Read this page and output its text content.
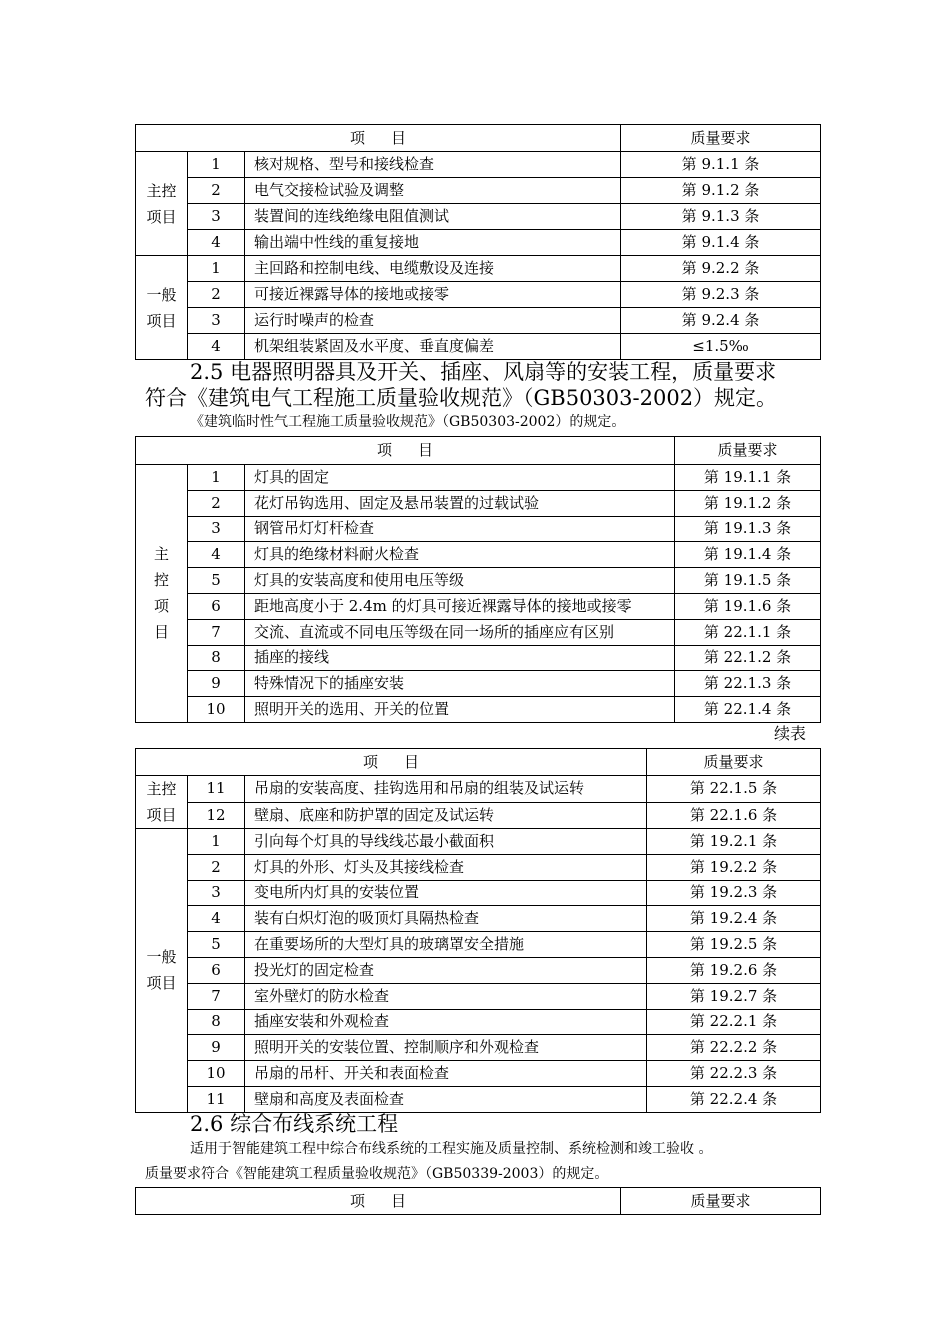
项目			质量要求

主控
项目	1	核对规格、型号和接线检查	第 9.1.1 条
	2	电气交接检试验及调整	第 9.1.2 条
	3	装置间的连线绝缘电阻值测试	第 9.1.3 条
	4	输出端中性线的重复接地	第 9.1.4 条

一般
项目	1	主回路和控制电线、电缆敷设及连接	第 9.2.2 条
	2	可接近裸露导体的接地或接零	第 9.2.3 条
	3	运行时噪声的检查	第 9.2.4 条
	4	机架组装紧固及水平度、垂直度偏差	≤1.5‰
2.5 电器照明器具及开关、插座、风扇等的安装工程，质量要求
符合《建筑电气工程施工质量验收规范》（GB50303-2002）规定。
《建筑临时性气工程施工质量验收规范》（GB50303-2002）的规定。
项目			质量要求

主
控
项
目	1	灯具的固定	第 19.1.1 条
	2	花灯吊钩选用、固定及悬吊装置的过载试验	第 19.1.2 条
	3	钢管吊灯灯杆检查	第 19.1.3 条
	4	灯具的绝缘材料耐火检查	第 19.1.4 条
	5	灯具的安装高度和使用电压等级	第 19.1.5 条
	6	距地高度小于 2.4m 的灯具可接近裸露导体的接地或接零	第 19.1.6 条
	7	交流、直流或不同电压等级在同一场所的插座应有区别	第 22.1.1 条
	8	插座的接线	第 22.1.2 条
	9	特殊情况下的插座安装	第 22.1.3 条
	10	照明开关的选用、开关的位置	第 22.1.4 条
续表
项目			质量要求

主控
项目	11	吊扇的安装高度、挂钩选用和吊扇的组装及试运转	第 22.1.5 条
	12	壁扇、底座和防护罩的固定及试运转	第 22.1.6 条

一般
项目	1	引向每个灯具的导线线芯最小截面积	第 19.2.1 条
	2	灯具的外形、灯头及其接线检查	第 19.2.2 条
	3	变电所内灯具的安装位置	第 19.2.3 条
	4	装有白炽灯泡的吸顶灯具隔热检查	第 19.2.4 条
	5	在重要场所的大型灯具的玻璃罩安全措施	第 19.2.5 条
	6	投光灯的固定检查	第 19.2.6 条
	7	室外壁灯的防水检查	第 19.2.7 条
	8	插座安装和外观检查	第 22.2.1 条
	9	照明开关的安装位置、控制顺序和外观检查	第 22.2.2 条
	10	吊扇的吊杆、开关和表面检查	第 22.2.3 条
	11	壁扇和高度及表面检查	第 22.2.4 条
2.6 综合布线系统工程
适用于智能建筑工程中综合布线系统的工程实施及质量控制、系统检测和竣工验收 。
质量要求符合《智能建筑工程质量验收规范》（GB50339-2003）的规定。
项目	质量要求
